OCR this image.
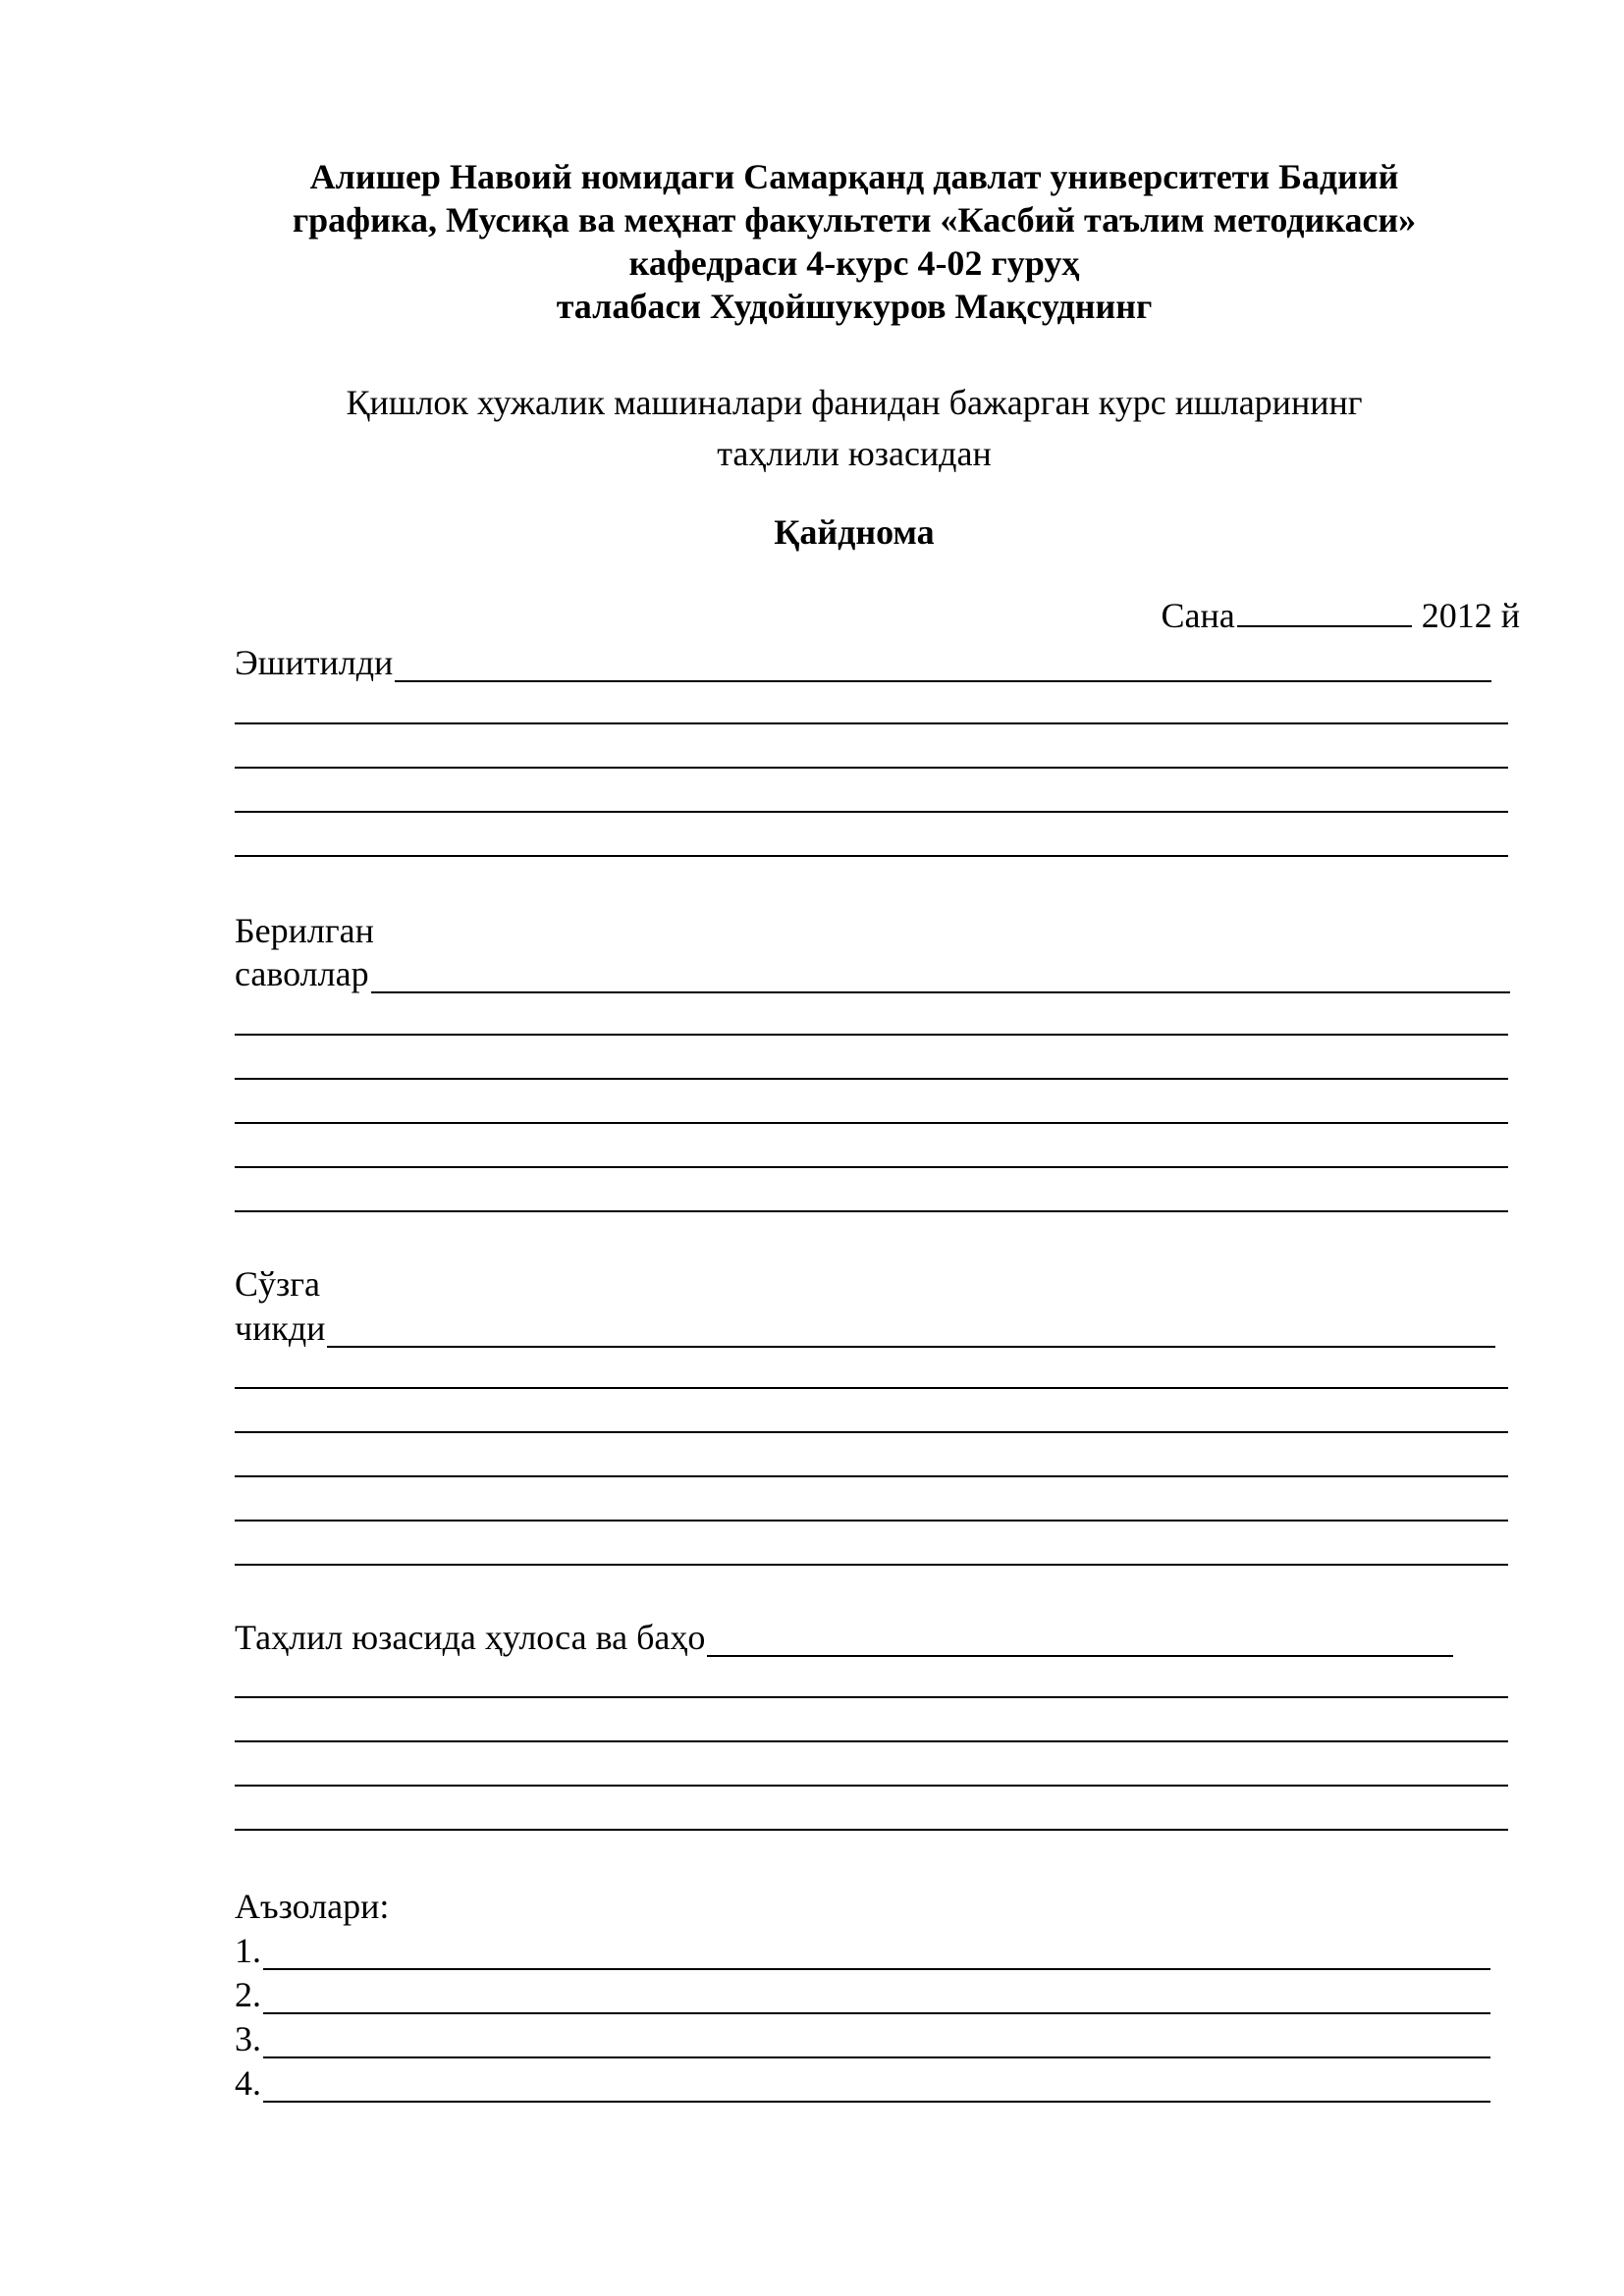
Алишер Навоий номидаги Самарқанд давлат университети Бадиий
графика, Мусиқа ва меҳнат факультети «Касбий таълим методикаси»
кафедраси 4-курс 4-02 гуруҳ
талабаси Худойшукуров Мақсуднинг
Қишлок хужалик машиналари фанидан бажарган курс ишларининг
таҳлили юзасидан
Қайднома
Сана	2012 й
Эшитилди
Берилган
саволлар
Сўзга
чикди
Таҳлил юзасида ҳулоса ва баҳо
Аъзолари:
1.
2.
3.
4.
